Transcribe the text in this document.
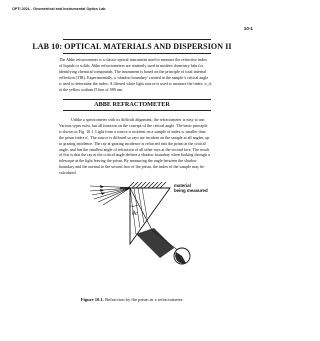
OPTI 202L - Geometrical and Instrumental Optics Lab
10-1
LAB 10: OPTICAL MATERIALS AND DISPERSION II

The Abbe refractometer is a classic optical instrument used to measure the refractive index
of liquids or solids. Abbe refractometers are routinely used in modern chemistry labs for
identifying chemical compounds. The instrument is based on the principle of total internal
reflection (TIR). Experimentally, a ‘shadow boundary’ created at the sample’s critical angle
is used to determine the index. A filtered white light source is used to measure the index, n_d,
at the yellow sodium D line of 589 nm.

ABBE REFRACTOMETER

Unlike a spectrometer with its difficult alignment, the refractometer is easy to use.
Various types exist, but all function on the concept of the critical angle. The basic principle
is shown in Fig. 10.1. Light from a source is incident on a sample of index n, smaller than
the prism index n′. The source is diffused so rays are incident on the sample at all angles, up
to grazing incidence. The ray at grazing incidence is refracted into the prism at the critical
angle, and has the smallest angle of refraction of all other rays at the second face. The result
of this is that the ray at the critical angle defines a shadow boundary when looking through a
telescope at the light leaving the prism. By measuring the angle between the shadow
boundary and the normal to the second face of the prism, the index of the sample may be
calculated.

θc
material
being measured
Figure 10.1. Refraction by the prism in a refractometer.
